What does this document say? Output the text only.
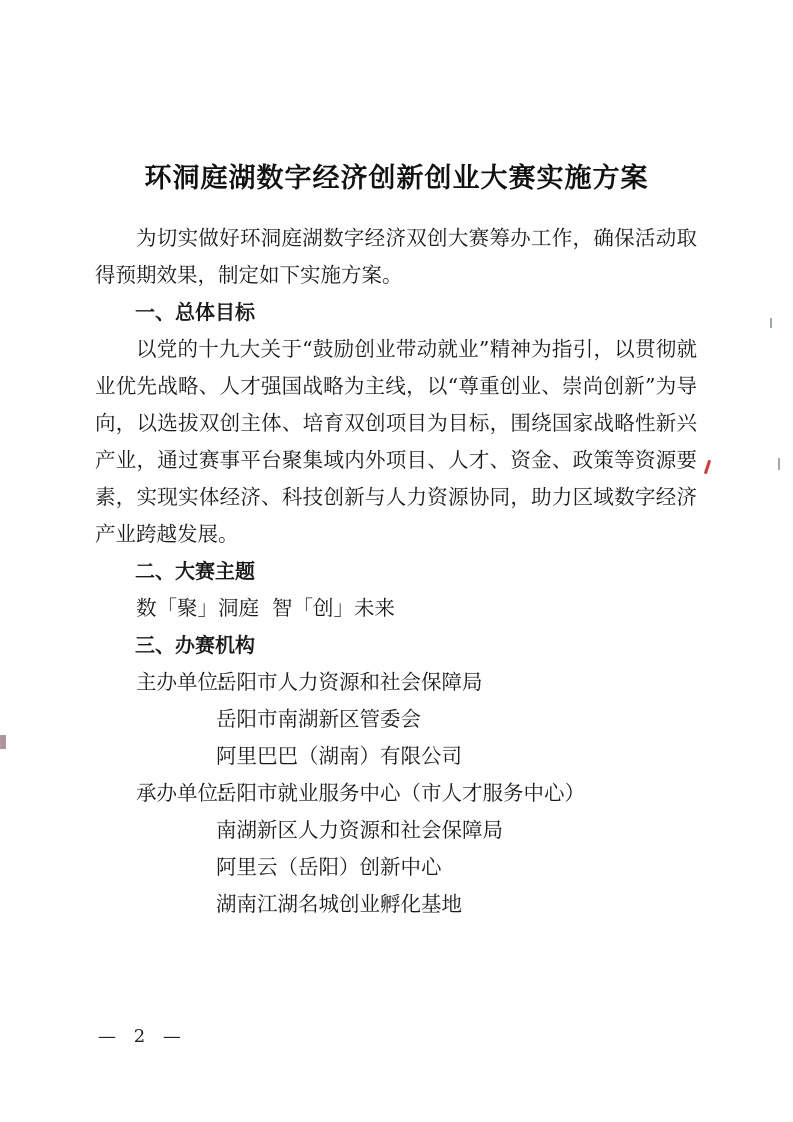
环洞庭湖数字经济创新创业大赛实施方案

为切实做好环洞庭湖数字经济双创大赛筹办工作，确保活动取得预期效果，制定如下实施方案。

一、总体目标

以党的十九大关于“鼓励创业带动就业”精神为指引，以贯彻就业优先战略、人才强国战略为主线，以“尊重创业、崇尚创新”为导向，以选拔双创主体、培育双创项目为目标，围绕国家战略性新兴产业，通过赛事平台聚集域内外项目、人才、资金、政策等资源要素，实现实体经济、科技创新与人力资源协同，助力区域数字经济产业跨越发展。

二、大赛主题

数「聚」洞庭  智「创」未来

三、办赛机构

主办单位：
岳阳市人力资源和社会保障局
岳阳市南湖新区管委会
阿里巴巴（湖南）有限公司
承办单位：
岳阳市就业服务中心（市人才服务中心）
南湖新区人力资源和社会保障局
阿里云（岳阳）创新中心
湖南江湖名城创业孵化基地
— 2 —
